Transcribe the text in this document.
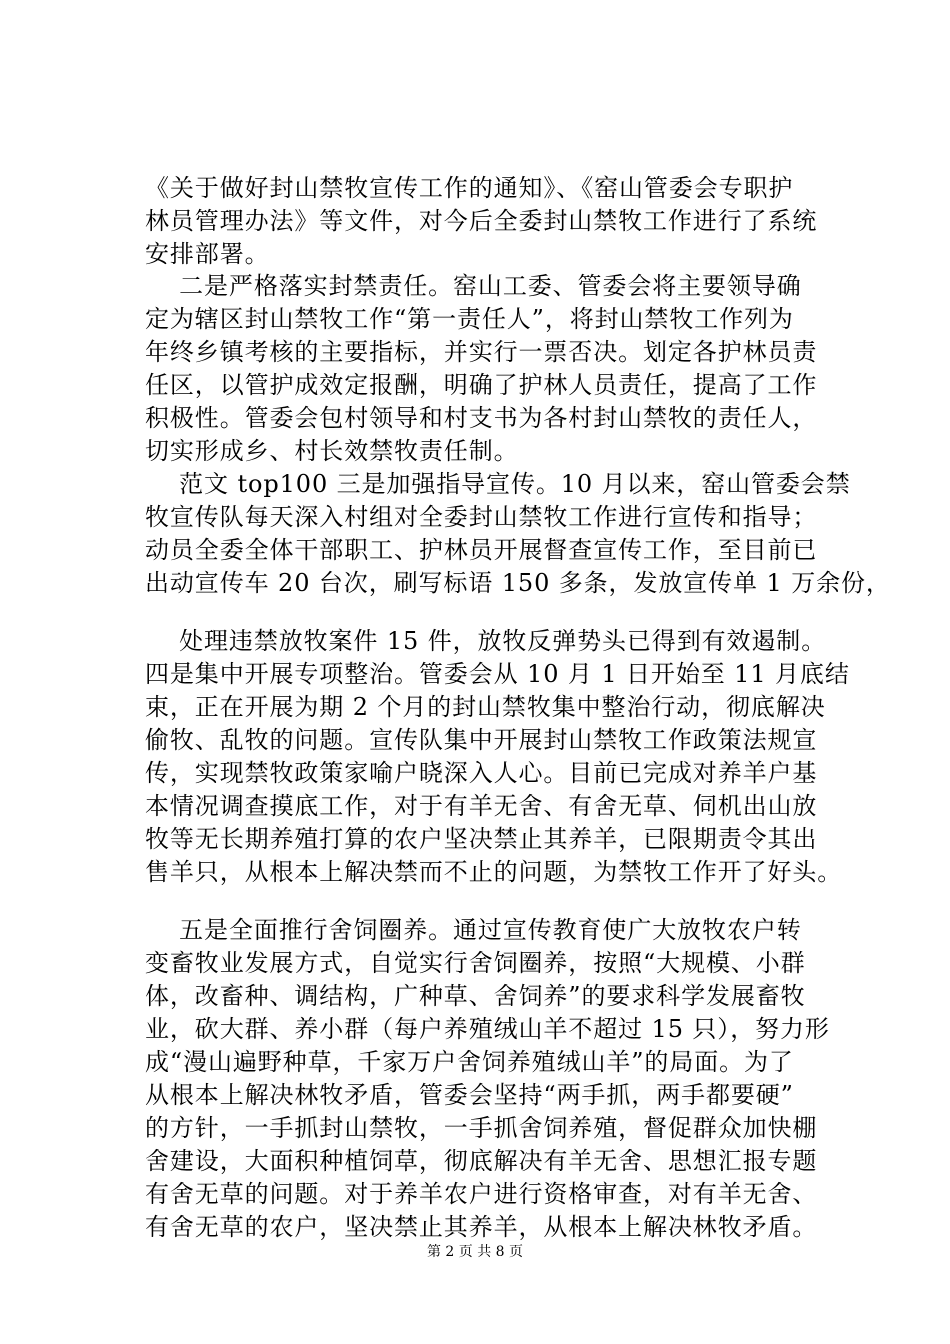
《关于做好封山禁牧宣传工作的通知》、《窑山管委会专职护
林员管理办法》等文件，对今后全委封山禁牧工作进行了系统
安排部署。
二是严格落实封禁责任。窑山工委、管委会将主要领导确
定为辖区封山禁牧工作“第一责任人”，将封山禁牧工作列为
年终乡镇考核的主要指标，并实行一票否决。划定各护林员责
任区，以管护成效定报酬，明确了护林人员责任，提高了工作
积极性。管委会包村领导和村支书为各村封山禁牧的责任人，
切实形成乡、村长效禁牧责任制。
范文 top100 三是加强指导宣传。10 月以来，窑山管委会禁
牧宣传队每天深入村组对全委封山禁牧工作进行宣传和指导；
动员全委全体干部职工、护林员开展督查宣传工作，至目前已
出动宣传车 20 台次，刷写标语 150 多条，发放宣传单 1 万余份，
处理违禁放牧案件 15 件，放牧反弹势头已得到有效遏制。
四是集中开展专项整治。管委会从 10 月 1 日开始至 11 月底结
束，正在开展为期 2 个月的封山禁牧集中整治行动，彻底解决
偷牧、乱牧的问题。宣传队集中开展封山禁牧工作政策法规宣
传，实现禁牧政策家喻户晓深入人心。目前已完成对养羊户基
本情况调查摸底工作，对于有羊无舍、有舍无草、伺机出山放
牧等无长期养殖打算的农户坚决禁止其养羊，已限期责令其出
售羊只，从根本上解决禁而不止的问题，为禁牧工作开了好头。
五是全面推行舍饲圈养。通过宣传教育使广大放牧农户转
变畜牧业发展方式，自觉实行舍饲圈养，按照“大规模、小群
体，改畜种、调结构，广种草、舍饲养”的要求科学发展畜牧
业，砍大群、养小群（每户养殖绒山羊不超过 15 只），努力形
成“漫山遍野种草，千家万户舍饲养殖绒山羊”的局面。为了
从根本上解决林牧矛盾，管委会坚持“两手抓，两手都要硬”
的方针，一手抓封山禁牧，一手抓舍饲养殖，督促群众加快棚
舍建设，大面积种植饲草，彻底解决有羊无舍、思想汇报专题
有舍无草的问题。对于养羊农户进行资格审查，对有羊无舍、
有舍无草的农户，坚决禁止其养羊，从根本上解决林牧矛盾。
第 2 页 共 8 页
